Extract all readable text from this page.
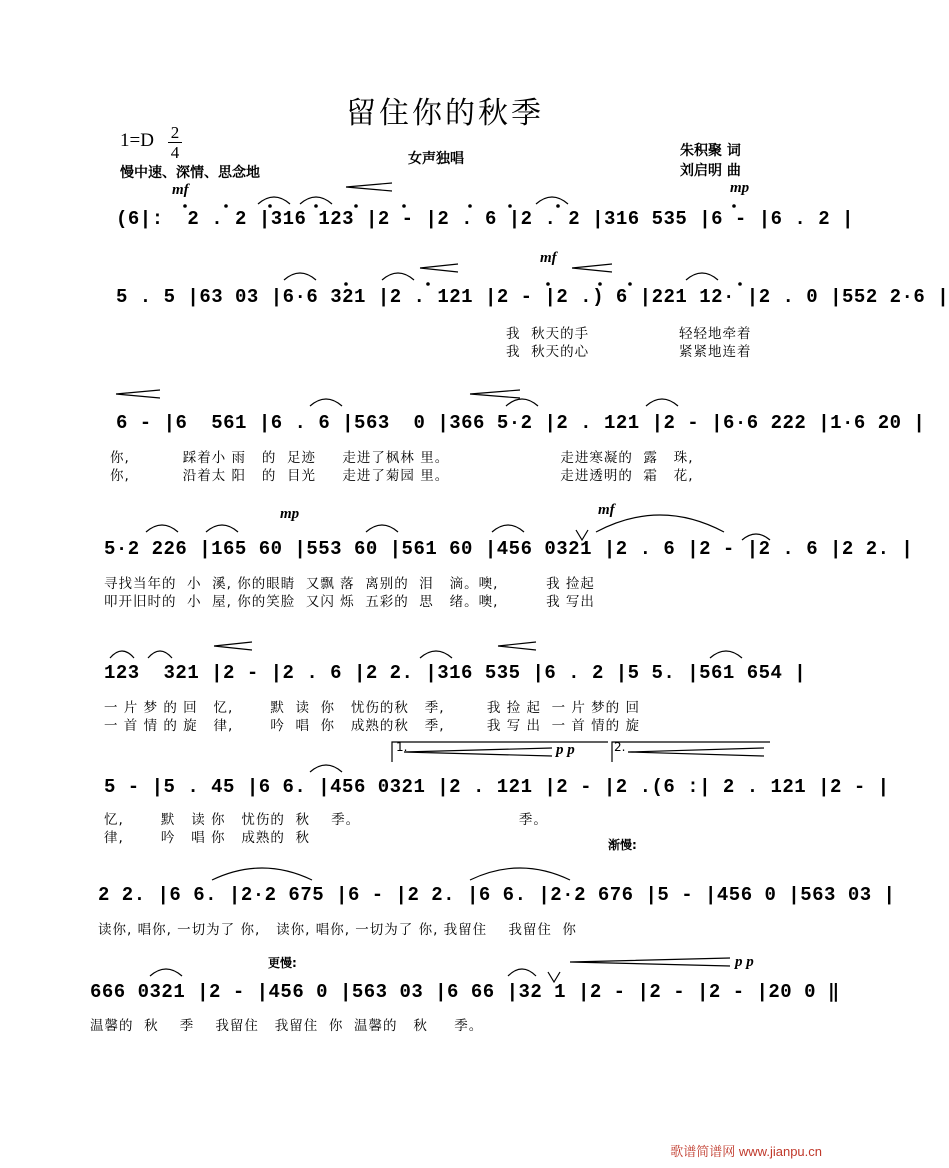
留住你的秋季
1=D 2
4
慢中速、深情、思念地
女声独唱	朱积聚 词
刘启明 曲
mf	mp
mf
mp	mf
p p
p p
渐慢:
更慢:
1.	2.
(6|:  2 . 2 |316 123 |2 - |2 . 6 |2 . 2 |316 535 |6 - |6 . 2 |
5 . 5 |63 03 |6·6 321 |2 . 121 |2 - |2 .) 6 |221 12· |2 . 0 |552 2·6 |
我  秋天的手                 轻轻地牵着
我  秋天的心                 紧紧地连着
6 - |6  561 |6 . 6 |563  0 |366 5·2 |2 . 121 |2 - |6·6 222 |1·6 20 |
你,          踩着小 雨   的  足迹     走进了枫林 里。                     走进寒凝的  露   珠,
你,          沿着太 阳   的  目光     走进了菊园 里。                     走进透明的  霜   花,
5·2 226 |165 60 |553 60 |561 60 |456 0321 |2 . 6 |2 - |2 . 6 |2 2. |
寻找当年的  小  溪, 你的眼睛  又飘 落  离别的  泪   滴。噢,         我 捡起
叩开旧时的  小  屋, 你的笑脸  又闪 烁  五彩的  思   绪。噢,         我 写出
123  321 |2 - |2 . 6 |2 2. |316 535 |6 . 2 |5 5. |561 654 |
一 片 梦 的 回   忆,       默  读  你   忧伤的秋   季,        我 捡 起  一 片 梦的 回
一 首 情 的 旋   律,       吟  唱  你   成熟的秋   季,        我 写 出  一 首 情的 旋
5 - |5 . 45 |6 6. |456 0321 |2 . 121 |2 - |2 .(6 :| 2 . 121 |2 - |
忆,       默   读 你   忧伤的  秋    季。                              季。
律,       吟   唱 你   成熟的  秋
2 2. |6 6. |2·2 675 |6 - |2 2. |6 6. |2·2 676 |5 - |456 0 |563 03 |
读你, 唱你, 一切为了 你,   读你, 唱你, 一切为了 你, 我留住    我留住  你
666 0321 |2 - |456 0 |563 03 |6 66 |32 1 |2 - |2 - |2 - |20 0 ‖
温馨的  秋    季    我留住   我留住  你  温馨的   秋     季。
歌谱简谱网 www.jianpu.cn
